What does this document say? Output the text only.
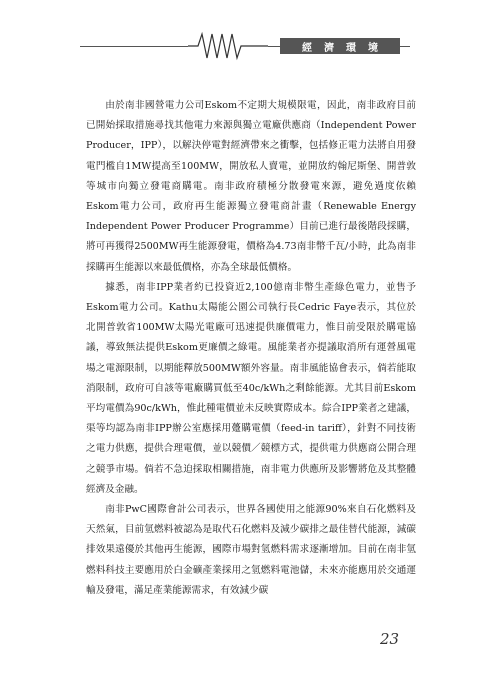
經濟環境

由於南非國營電力公司Eskom不定期大規模限電，因此，南非政府目前已開始採取措施尋找其他電力來源與獨立電廠供應商（Independent Power Producer，IPP），以解決停電對經濟帶來之衝擊，包括修正電力法將自用發電門檻自1MW提高至100MW，開放私人賣電，並開放約翰尼斯堡、開普敦等城市向獨立發電商購電。南非政府積極分散發電來源，避免過度依賴Eskom電力公司，政府再生能源獨立發電商計畫（Renewable Energy Independent Power Producer Programme）目前已進行最後階段採購，將可再獲得2500MW再生能源發電，價格為4.73南非幣千瓦/小時，此為南非採購再生能源以來最低價格，亦為全球最低價格。

據悉，南非IPP業者約已投資近2,100億南非幣生產綠色電力，並售予Eskom電力公司。Kathu太陽能公園公司執行長Cedric Faye表示，其位於北開普敦省100MW太陽光電廠可迅速提供廉價電力，惟目前受限於購電協議，導致無法提供Eskom更廉價之綠電。風能業者亦提議取消所有運營風電場之電源限制，以期能釋放500MW額外容量。南非風能協會表示，倘若能取消限制，政府可自該等電廠購買低至40c/kWh之剩餘能源。尤其目前Eskom平均電價為90c/kWh，惟此種電價並未反映實際成本。綜合IPP業者之建議，渠等均認為南非IPP辦公室應採用躉購電價（feed-in tariff），針對不同技術之電力供應，提供合理電價，並以競價／競標方式，提供電力供應商公開合理之競爭市場。倘若不急迫採取相關措施，南非電力供應所及影響將危及其整體經濟及金融。

南非PwC國際會計公司表示，世界各國使用之能源90%來自石化燃料及天然氣，目前氫燃料被認為是取代石化燃料及減少碳排之最佳替代能源，減碳排效果遠優於其他再生能源，國際市場對氫燃料需求逐漸增加。目前在南非氫燃料科技主要應用於白金礦產業採用之氫燃料電池儲，未來亦能應用於交通運輸及發電，滿足產業能源需求，有效減少碳

23
